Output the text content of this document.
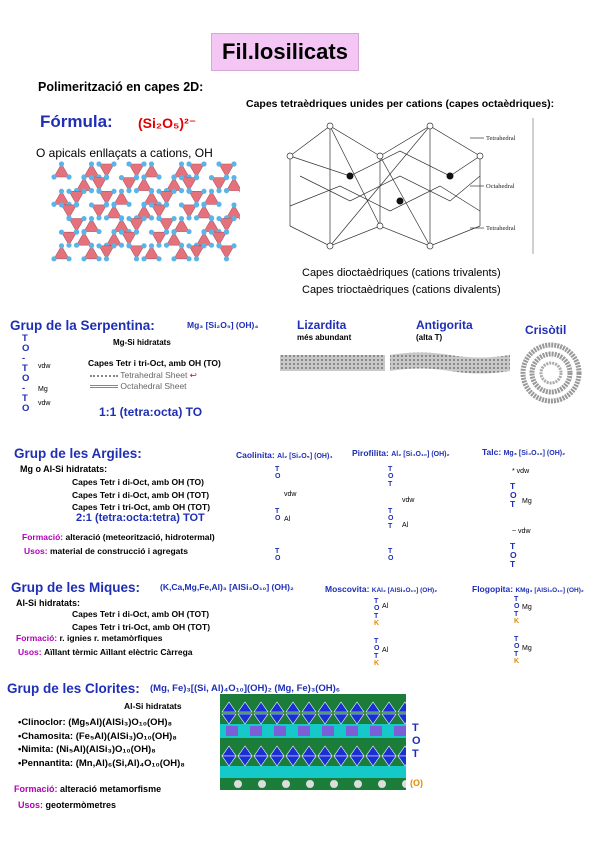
Fil.losilicats
Polimerització en capes 2D:
Fórmula: (Si₂O₅)²⁻
O apicals enllaçats a cations, OH
Capes tetraèdriques unides per cations (capes octaèdriques):
Tetrahedral
Octahedral
Tetrahedral
Capes dioctaèdriques (cations trivalents)
Capes trioctaèdriques (cations divalents)
Grup de la Serpentina:	Mg₃ [Si₂O₅] (OH)₄
Mg-Si hidratats
Capes Tetr i tri-Oct, amb OH (TO)
T
O
-
T
O
-
T
O
vdw
Mg
vdw
Tetrahedral Sheet ↩
Octahedral Sheet
1:1 (tetra:octa) TO
Lizardita
més abundant
Antigorita
(alta T)
Crisòtil
Grup de les Argiles:
Mg o Al-Si hidratats:
Capes Tetr i di-Oct, amb OH (TO)
Capes Tetr i di-Oct, amb OH (TOT)
Capes Tetr i tri-Oct, amb OH (TOT)
2:1 (tetra:octa:tetra) TOT
Formació: alteració (meteorització, hidrotermal)
Usos: material de construcció i agregats
Caolinita: Al₂ [Si₂O₅] (OH)₄ Pirofilita: Al₂ [Si₄O₁₀] (OH)₂	Talc: Mg₃ [Si₄O₁₀] (OH)₂
T
O
vdw
T
O Al
T
O
T
O
T
vdw
T
O
T Al
T
O
* vdw
T
O
T Mg
~ vdw
T
O
T
Grup de les Miques: (K,Ca,Mg,Fe,Al)₃ [AlSi₃O₁₀] (OH)₂
Al-Si hidratats:
Capes Tetr i di-Oct, amb OH (TOT)
Capes Tetr i tri-Oct, amb OH (TOT)
Formació: r. ignies r. metamòrfiques
Usos: Aïllant tèrmic Aïllant elèctric Càrrega
Moscovita: KAl₂ [AlSi₃O₁₀] (OH)₂	Flogopita: KMg₃ [AlSi₃O₁₀] (OH)₂
T
O
T
K
Al
T
O
T
K
Al
T
O
T
K
Mg
T
O
T
K
Mg
Grup de les Clorites: (Mg, Fe)₃[(Si, Al)₄O₁₀](OH)₂ (Mg, Fe)₃(OH)₆
Al-Si hidratats
•Clinoclor: (Mg₅Al)(AlSi₃)O₁₀(OH)₈
•Chamosita: (Fe₅Al)(AlSi₃)O₁₀(OH)₈
•Nimita: (Ni₅Al)(AlSi₃)O₁₀(OH)₈
•Pennantita: (Mn,Al)₆(Si,Al)₄O₁₀(OH)₈
T
O
T
(O)
Formació: alteració metamorfisme
Usos: geotermòmetres
